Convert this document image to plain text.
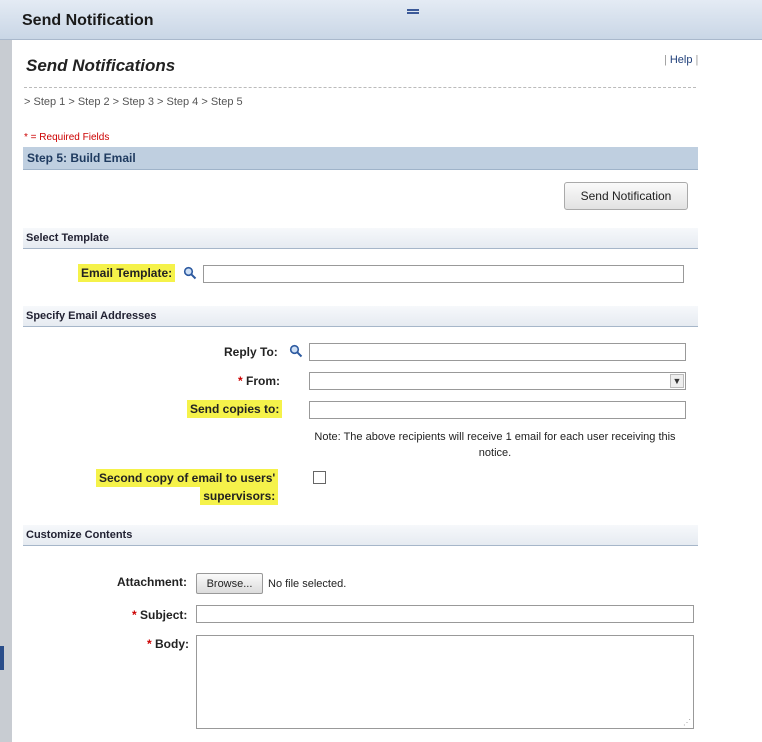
Send Notification
Send Notifications	| Help |
> Step 1 > Step 2 > Step 3 > Step 4 > Step 5
* = Required Fields
Step 5: Build Email
Send Notification
Select Template
Email Template:
Specify Email Addresses
Reply To:
* From:	▼
Send copies to:
Note: The above recipients will receive 1 email for each user receiving this notice.
Second copy of email to users'
supervisors:
Customize Contents
Attachment:	Browse...	No file selected.
* Subject:
* Body:
⋰
